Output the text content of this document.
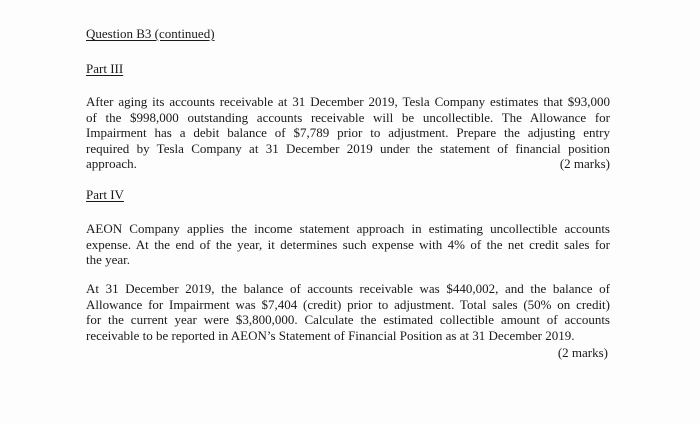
Question B3 (continued)
Part III
After aging its accounts receivable at 31 December 2019, Tesla Company estimates that $93,000
of the $998,000 outstanding accounts receivable will be uncollectible. The Allowance for
Impairment has a debit balance of $7,789 prior to adjustment. Prepare the adjusting entry
required by Tesla Company at 31 December 2019 under the statement of financial position
approach.	(2 marks)
Part IV
AEON Company applies the income statement approach in estimating uncollectible accounts
expense. At the end of the year, it determines such expense with 4% of the net credit sales for
the year.
At 31 December 2019, the balance of accounts receivable was $440,002, and the balance of
Allowance for Impairment was $7,404 (credit) prior to adjustment. Total sales (50% on credit)
for the current year were $3,800,000. Calculate the estimated collectible amount of accounts
receivable to be reported in AEON’s Statement of Financial Position as at 31 December 2019.
(2 marks)
